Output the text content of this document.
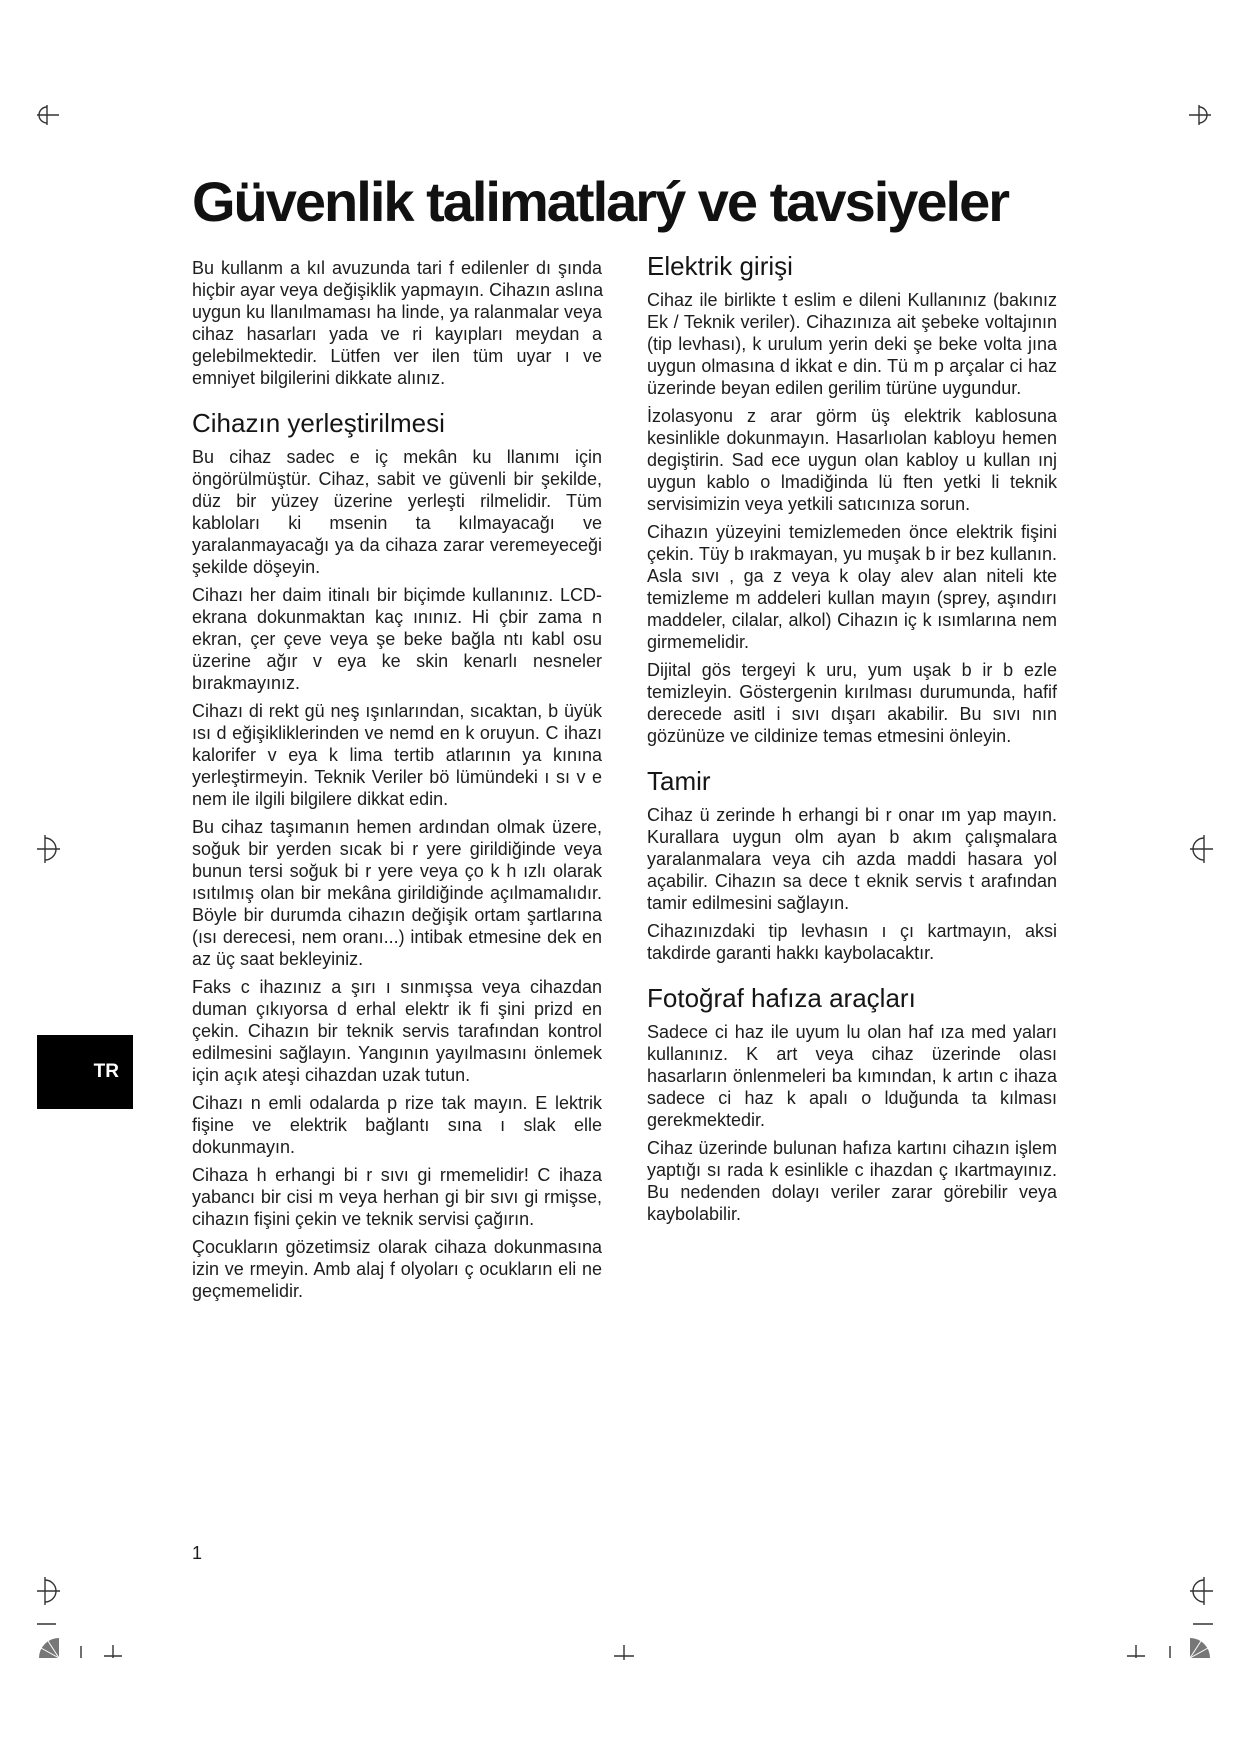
Güvenlik talimatlarý ve tavsiyeler
Bu kullanm a kıl avuzunda tari f edilenler dı şında
hiçbir ayar veya değişiklik yapmayın. Cihazın aslına
uygun ku llanılmaması ha linde, ya ralanmalar veya
cihaz hasarları yada ve ri kayıpları meydan a
gelebilmektedir. Lütfen ver ilen tüm uyar ı ve
emniyet bilgilerini dikkate alınız.
Cihazın yerleştirilmesi
Bu cihaz sadec e iç mekân ku llanımı için
öngörülmüştür. Cihaz, sabit ve güvenli bir şekilde,
düz bir yüzey üzerine yerleşti rilmelidir. Tüm
kabloları ki msenin ta kılmayacağı ve
yaralanmayacağı ya da cihaza zarar veremeyeceği
şekilde döşeyin.
Cihazı her daim itinalı bir biçimde kullanınız. LCD-
ekrana dokunmaktan kaç ınınız. Hi çbir zama n
ekran, çer çeve veya şe beke bağla ntı kabl osu
üzerine ağır v eya ke skin kenarlı nesneler
bırakmayınız.
Cihazı di rekt gü neş ışınlarından, sıcaktan, b üyük
ısı d eğişikliklerinden ve nemd en k oruyun. C ihazı
kalorifer v eya k lima tertib atlarının ya kınına
yerleştirmeyin. Teknik Veriler bö lümündeki ı sı v e
nem ile ilgili bilgilere dikkat edin.
Bu cihaz taşımanın hemen ardından olmak üzere,
soğuk bir yerden sıcak bi r yere girildiğinde veya
bunun tersi soğuk bi r yere veya ço k h ızlı olarak
ısıtılmış olan bir mekâna girildiğinde açılmamalıdır.
Böyle bir durumda cihazın değişik ortam şartlarına
(ısı derecesi, nem oranı...) intibak etmesine dek en
az üç saat bekleyiniz.
Faks c ihazınız a şırı ı sınmışsa veya cihazdan
duman çıkıyorsa d erhal elektr ik fi şini prizd en
çekin. Cihazın bir teknik servis tarafından kontrol
edilmesini sağlayın. Yangının yayılmasını önlemek
için açık ateşi cihazdan uzak tutun.
Cihazı n emli odalarda p rize tak mayın. E lektrik
fişine ve elektrik bağlantı sına ı slak elle
dokunmayın.
Cihaza h erhangi bi r sıvı gi rmemelidir! C ihaza
yabancı bir cisi m veya herhan gi bir sıvı gi rmişse,
cihazın fişini çekin ve teknik servisi çağırın.
Çocukların gözetimsiz olarak cihaza dokunmasına
izin ve rmeyin. Amb alaj f olyoları ç ocukların eli ne
geçmemelidir.
Elektrik girişi
Cihaz ile birlikte t eslim e dileni Kullanınız (bakınız
Ek / Teknik veriler). Cihazınıza ait şebeke voltajının
(tip levhası), k urulum yerin deki şe beke volta jına
uygun olmasına d ikkat e din. Tü m p arçalar ci haz
üzerinde beyan edilen gerilim türüne uygundur.
İzolasyonu z arar görm üş elektrik kablosuna
kesinlikle dokunmayın. Hasarlıolan kabloyu hemen
degiştirin. Sad ece uygun olan kabloy u kullan ınj
uygun kablo o lmadiğinda lü ften yetki li teknik
servisimizin veya yetkili satıcınıza sorun.
Cihazın yüzeyini temizlemeden önce elektrik fişini
çekin. Tüy b ırakmayan, yu muşak b ir bez kullanın.
Asla sıvı , ga z veya k olay alev alan niteli kte
temizleme m addeleri kullan mayın (sprey, aşındırı
maddeler, cilalar, alkol) Cihazın iç k ısımlarına nem
girmemelidir.
Dijital gös tergeyi k uru, yum uşak b ir b ezle
temizleyin. Göstergenin kırılması durumunda, hafif
derecede asitl i sıvı dışarı akabilir. Bu sıvı nın
gözünüze ve cildinize temas etmesini önleyin.
Tamir
Cihaz ü zerinde h erhangi bi r onar ım yap mayın.
Kurallara uygun olm ayan b akım çalışmalara
yaralanmalara veya cih azda maddi hasara yol
açabilir. Cihazın sa dece t eknik servis t arafından
tamir edilmesini sağlayın.
Cihazınızdaki tip levhasın ı çı kartmayın, aksi
takdirde garanti hakkı kaybolacaktır.
Fotoğraf hafıza araçları
Sadece ci haz ile uyum lu olan haf ıza med yaları
kullanınız. K art veya cihaz üzerinde olası
hasarların önlenmeleri ba kımından, k artın c ihaza
sadece ci haz k apalı o lduğunda ta kılması
gerekmektedir.
Cihaz üzerinde bulunan hafıza kartını cihazın işlem
yaptığı sı rada k esinlikle c ihazdan ç ıkartmayınız.
Bu nedenden dolayı veriler zarar görebilir veya
kaybolabilir.
TR
1
